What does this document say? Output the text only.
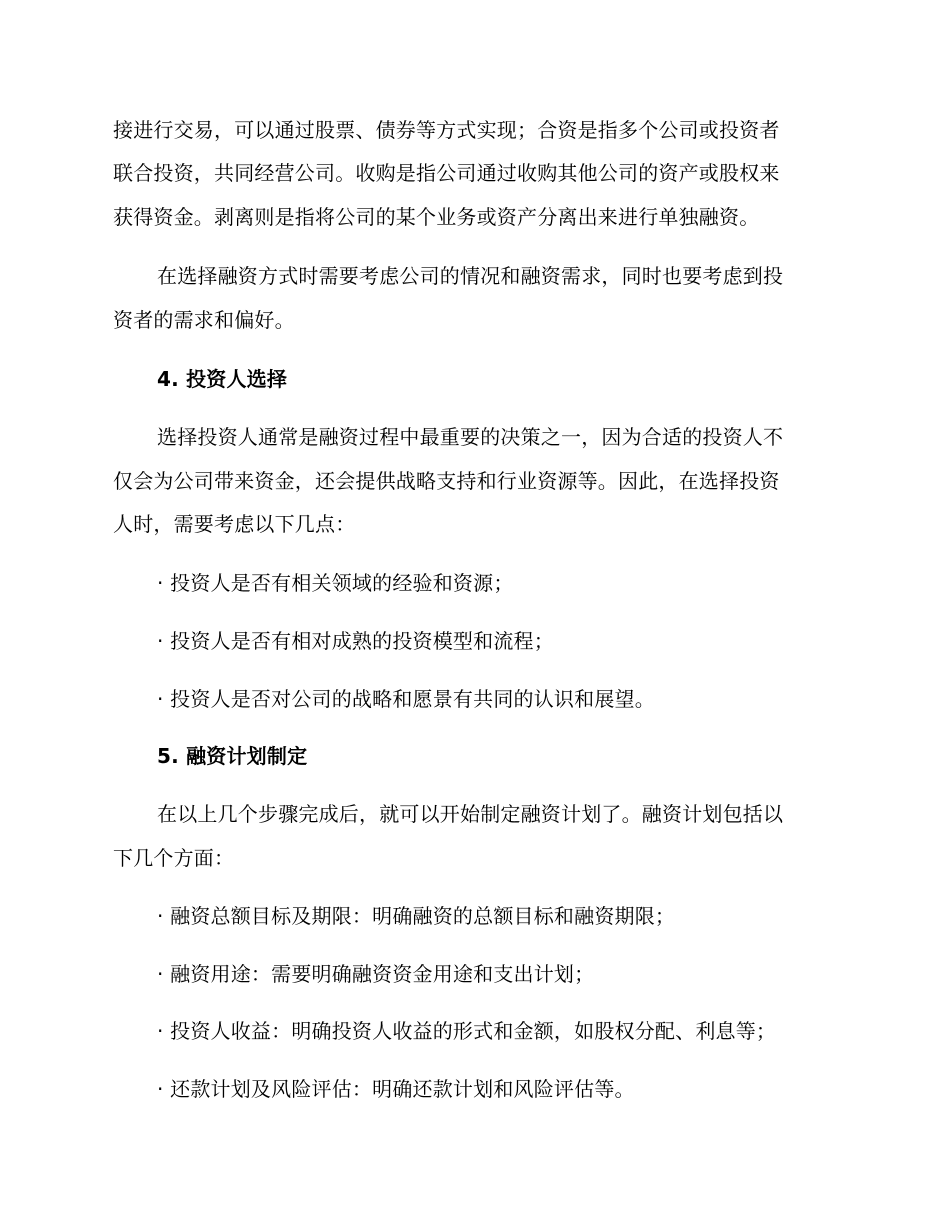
接进行交易，可以通过股票、债券等方式实现；合资是指多个公司或投资者
联合投资，共同经营公司。收购是指公司通过收购其他公司的资产或股权来
获得资金。剥离则是指将公司的某个业务或资产分离出来进行单独融资。
在选择融资方式时需要考虑公司的情况和融资需求，同时也要考虑到投
资者的需求和偏好。
4. 投资人选择
选择投资人通常是融资过程中最重要的决策之一，因为合适的投资人不
仅会为公司带来资金，还会提供战略支持和行业资源等。因此，在选择投资
人时，需要考虑以下几点：
· 投资人是否有相关领域的经验和资源；
· 投资人是否有相对成熟的投资模型和流程；
· 投资人是否对公司的战略和愿景有共同的认识和展望。
5. 融资计划制定
在以上几个步骤完成后，就可以开始制定融资计划了。融资计划包括以
下几个方面：
· 融资总额目标及期限：明确融资的总额目标和融资期限；
· 融资用途：需要明确融资资金用途和支出计划；
· 投资人收益：明确投资人收益的形式和金额，如股权分配、利息等；
· 还款计划及风险评估：明确还款计划和风险评估等。
